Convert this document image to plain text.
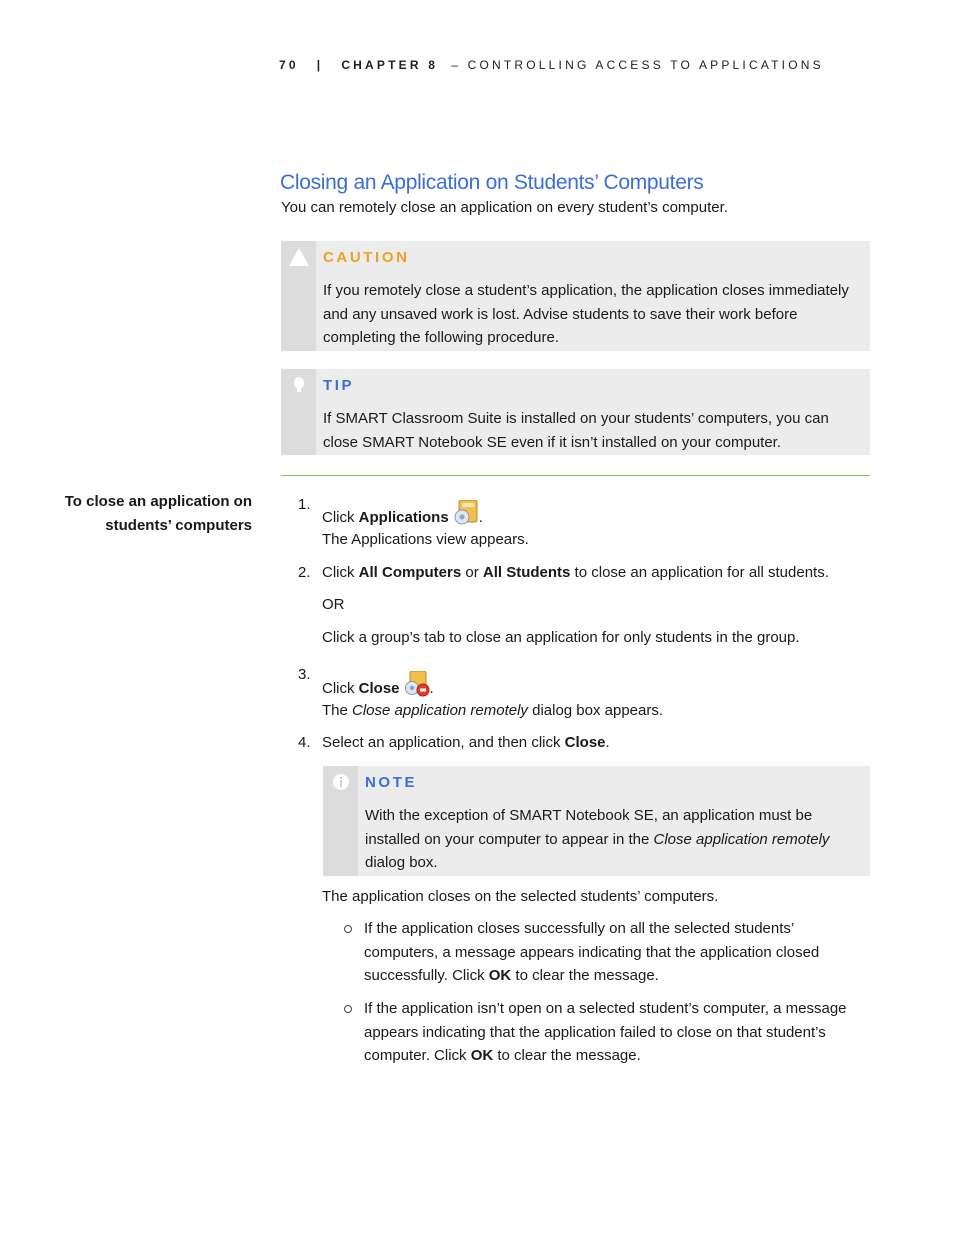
70 | CHAPTER 8 – CONTROLLING ACCESS TO APPLICATIONS
Closing an Application on Students’ Computers
You can remotely close an application on every student’s computer.
CAUTION
If you remotely close a student’s application, the application closes immediately and any unsaved work is lost. Advise students to save their work before completing the following procedure.
TIP
If SMART Classroom Suite is installed on your students’ computers, you can close SMART Notebook SE even if it isn’t installed on your computer.
To close an application on
students’ computers
1.
Click Applications .
The Applications view appears.
2. Click All Computers or All Students to close an application for all students.
OR
Click a group’s tab to close an application for only students in the group.
3.
Click Close .
The Close application remotely dialog box appears.
4. Select an application, and then click Close.
NOTE
With the exception of SMART Notebook SE, an application must be installed on your computer to appear in the Close application remotely dialog box.
The application closes on the selected students’ computers.
If the application closes successfully on all the selected students’ computers, a message appears indicating that the application closed successfully. Click OK to clear the message.
If the application isn’t open on a selected student’s computer, a message appears indicating that the application failed to close on that student’s computer. Click OK to clear the message.
